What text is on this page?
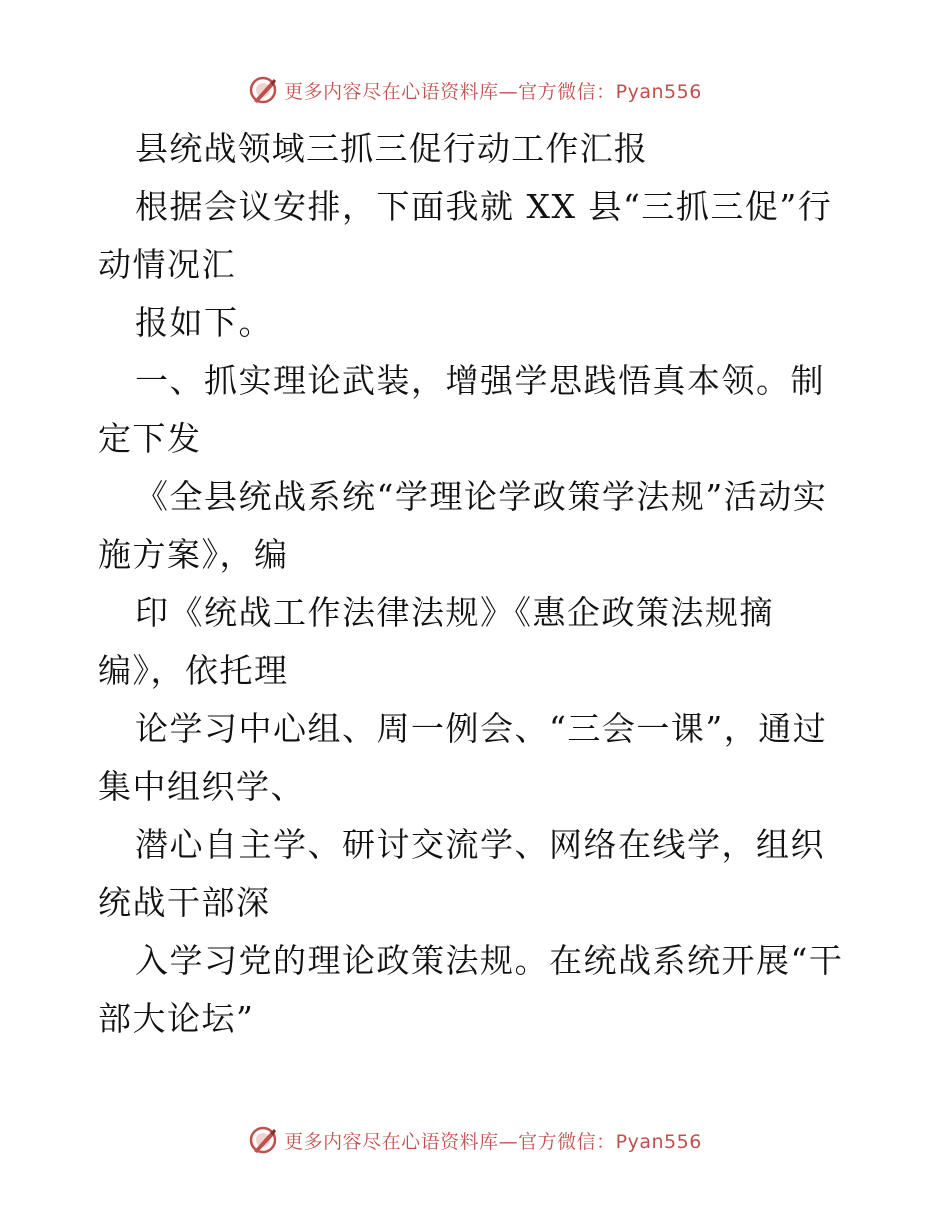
更多内容尽在心语资料库—官方微信：Pyan556

县统战领域三抓三促行动工作汇报

根据会议安排，下面我就 XX 县“三抓三促”行动情况汇

报如下。

一、抓实理论武装，增强学思践悟真本领。制定下发

《全县统战系统“学理论学政策学法规”活动实施方案》，编

印《统战工作法律法规》《惠企政策法规摘编》，依托理

论学习中心组、周一例会、“三会一课”，通过集中组织学、

潜心自主学、研讨交流学、网络在线学，组织统战干部深

入学习党的理论政策法规。在统战系统开展“干部大论坛”

更多内容尽在心语资料库—官方微信：Pyan556
